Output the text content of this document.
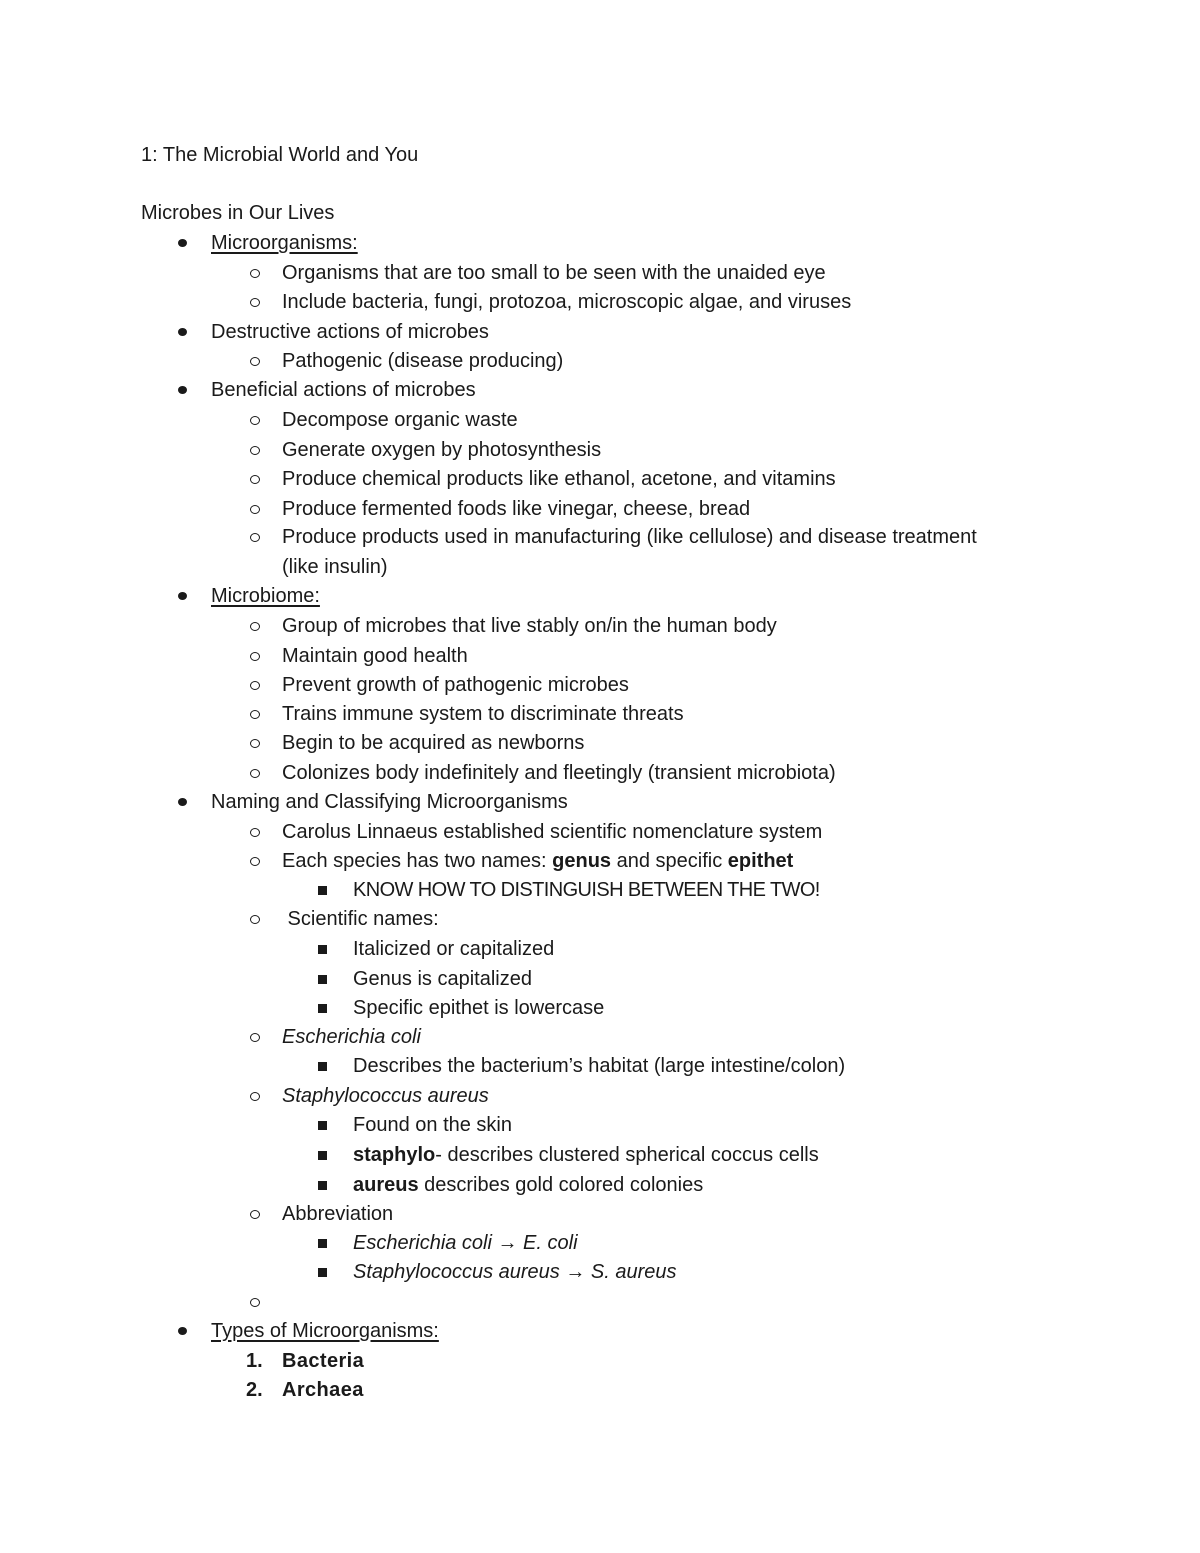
1: The Microbial World and You
Microbes in Our Lives
Microorganisms:
Organisms that are too small to be seen with the unaided eye
Include bacteria, fungi, protozoa, microscopic algae, and viruses
Destructive actions of microbes
Pathogenic (disease producing)
Beneficial actions of microbes
Decompose organic waste
Generate oxygen by photosynthesis
Produce chemical products like ethanol, acetone, and vitamins
Produce fermented foods like vinegar, cheese, bread
Produce products used in manufacturing (like cellulose) and disease treatment
(like insulin)
Microbiome:
Group of microbes that live stably on/in the human body
Maintain good health
Prevent growth of pathogenic microbes
Trains immune system to discriminate threats
Begin to be acquired as newborns
Colonizes body indefinitely and fleetingly (transient microbiota)
Naming and Classifying Microorganisms
Carolus Linnaeus established scientific nomenclature system
Each species has two names: genus and specific epithet
KNOW HOW TO DISTINGUISH BETWEEN THE TWO!
Scientific names:
Italicized or capitalized
Genus is capitalized
Specific epithet is lowercase
Escherichia coli
Describes the bacterium’s habitat (large intestine/colon)
Staphylococcus aureus
Found on the skin
staphylo- describes clustered spherical coccus cells
aureus describes gold colored colonies
Abbreviation
Escherichia coli → E. coli
Staphylococcus aureus → S. aureus
Types of Microorganisms:
1. Bacteria
2. Archaea
